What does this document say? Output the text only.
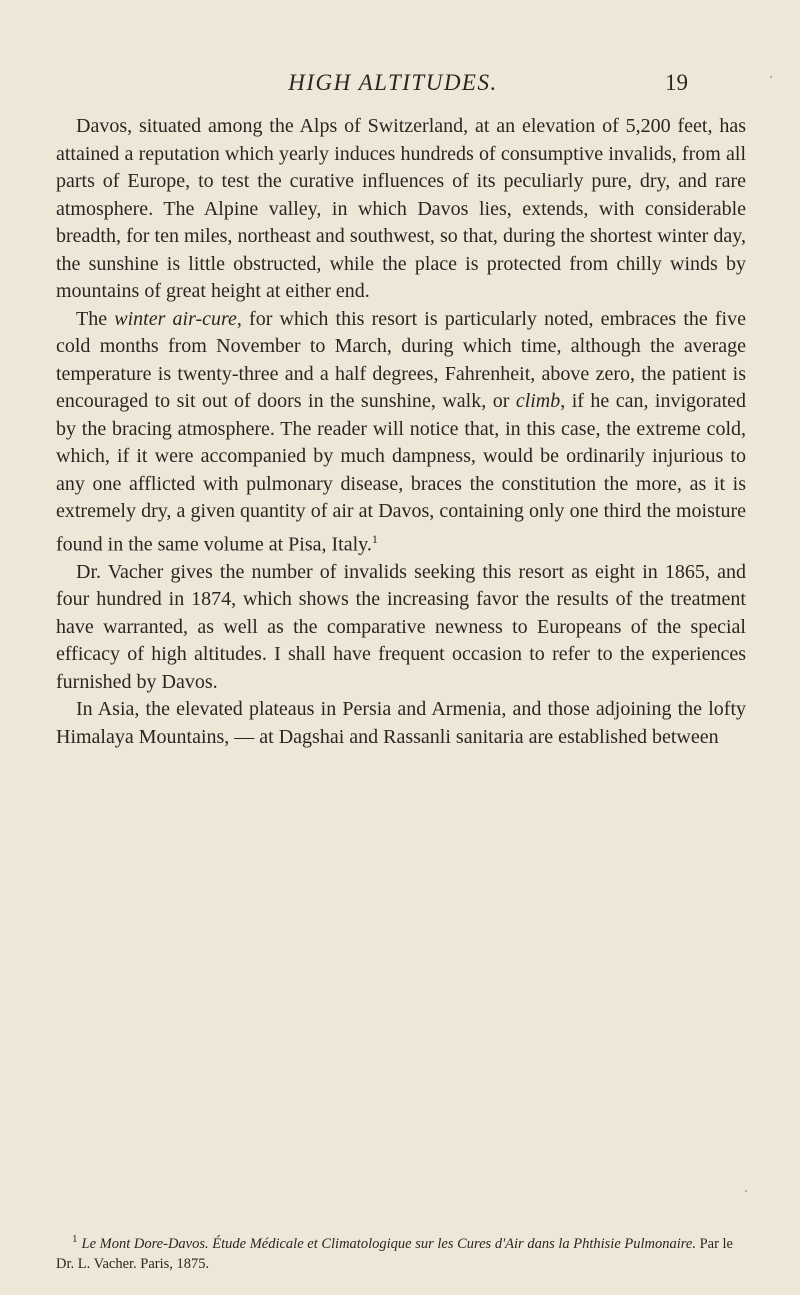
HIGH ALTITUDES.	19

Davos, situated among the Alps of Switzerland, at an elevation of 5,200 feet, has attained a reputation which yearly induces hundreds of consumptive invalids, from all parts of Europe, to test the curative influences of its peculiarly pure, dry, and rare atmosphere. The Alpine valley, in which Davos lies, extends, with considerable breadth, for ten miles, northeast and southwest, so that, during the shortest winter day, the sunshine is little obstructed, while the place is protected from chilly winds by mountains of great height at either end.

The winter air-cure, for which this resort is particularly noted, embraces the five cold months from November to March, during which time, although the average temperature is twenty-three and a half degrees, Fahrenheit, above zero, the patient is encouraged to sit out of doors in the sunshine, walk, or climb, if he can, invigorated by the bracing atmosphere. The reader will notice that, in this case, the extreme cold, which, if it were accompanied by much dampness, would be ordinarily injurious to any one afflicted with pulmonary disease, braces the constitution the more, as it is extremely dry, a given quantity of air at Davos, containing only one third the moisture found in the same volume at Pisa, Italy.$^1$

Dr. Vacher gives the number of invalids seeking this resort as eight in 1865, and four hundred in 1874, which shows the increasing favor the results of the treatment have warranted, as well as the comparative newness to Europeans of the special efficacy of high altitudes. I shall have frequent occasion to refer to the experiences furnished by Davos.

In Asia, the elevated plateaus in Persia and Armenia, and those adjoining the lofty Himalaya Mountains, — at Dagshai and Rassanli sanitaria are established between

$^1$ Le Mont Dore-Davos. Étude Médicale et Climatologique sur les Cures d'Air dans la Phthisie Pulmonaire. Par le Dr. L. Vacher. Paris, 1875.
